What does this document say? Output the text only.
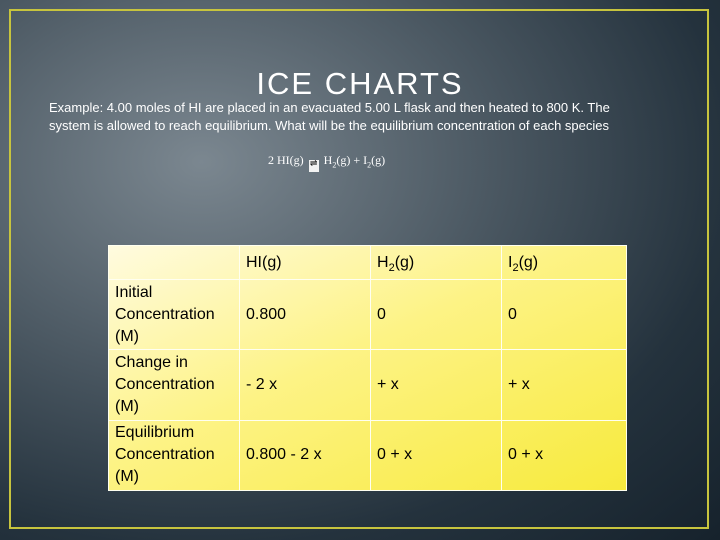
ICE CHARTS
Example: 4.00 moles of HI are placed in an evacuated 5.00 L flask and then heated to 800 K. The system is allowed to reach equilibrium. What will be the equilibrium concentration of each species
2 HI(g) ⇌ $H_2(g) + I_2(g)$
	HI(g)	$H_2(g)$	$I_2(g)$
Initial
Concentration
(M)	0.800	0	0
Change in
Concentration
(M)	- 2 x	+ x	+ x
Equilibrium
Concentration
(M)	0.800 - 2 x	0 + x	0 + x
